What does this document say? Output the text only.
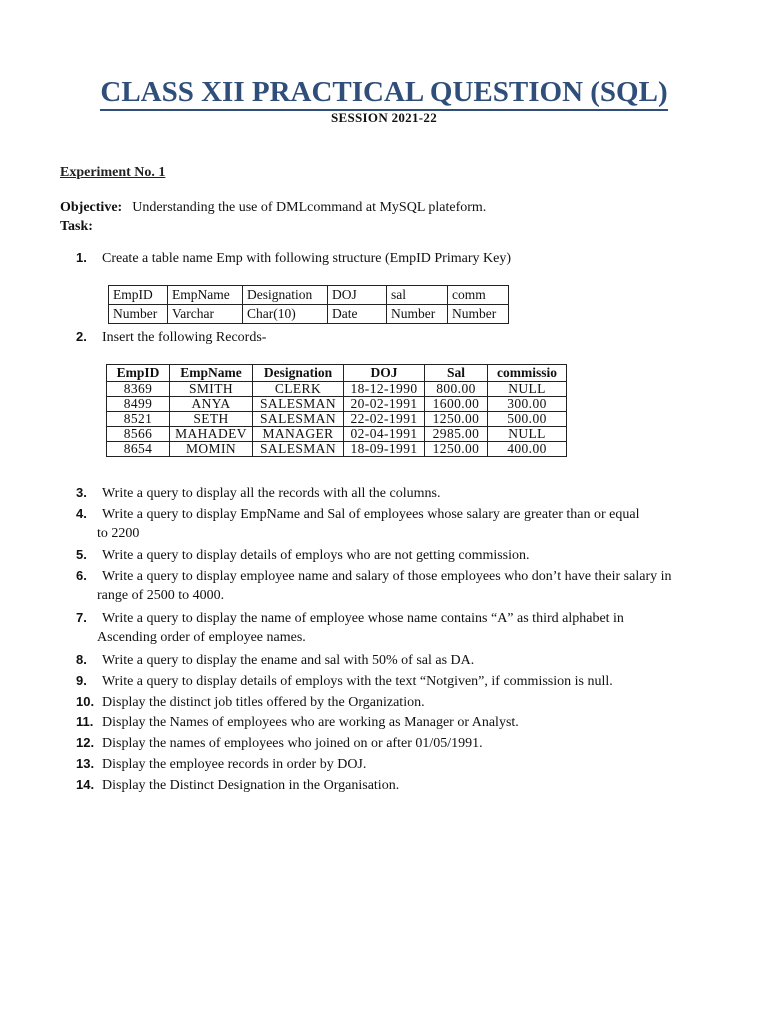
CLASS XII PRACTICAL QUESTION (SQL)
SESSION 2021-22
Experiment No. 1
Objective: Understanding the use of DMLcommand at MySQL plateform.
Task:
1. Create a table name Emp with following structure (EmpID Primary Key)
EmpID	EmpName	Designation	DOJ	sal	comm
Number	Varchar	Char(10)	Date	Number	Number
2. Insert the following Records-
EmpID	EmpName	Designation	DOJ	Sal	commissio
8369	SMITH	CLERK	18-12-1990	800.00	NULL
8499	ANYA	SALESMAN	20-02-1991	1600.00	300.00
8521	SETH	SALESMAN	22-02-1991	1250.00	500.00
8566	MAHADEV	MANAGER	02-04-1991	2985.00	NULL
8654	MOMIN	SALESMAN	18-09-1991	1250.00	400.00
3. Write a query to display all the records with all the columns.
4. Write a query to display EmpName and Sal of employees whose salary are greater than or equal
to 2200
5. Write a query to display details of employs who are not getting commission.
6. Write a query to display employee name and salary of those employees who don’t have their salary in
range of 2500 to 4000.
7. Write a query to display the name of employee whose name contains “A” as third alphabet in
Ascending order of employee names.
8. Write a query to display the ename and sal with 50% of sal as DA.
9. Write a query to display details of employs with the text “Notgiven”, if commission is null.
10. Display the distinct job titles offered by the Organization.
11. Display the Names of employees who are working as Manager or Analyst.
12. Display the names of employees who joined on or after 01/05/1991.
13. Display the employee records in order by DOJ.
14. Display the Distinct Designation in the Organisation.
